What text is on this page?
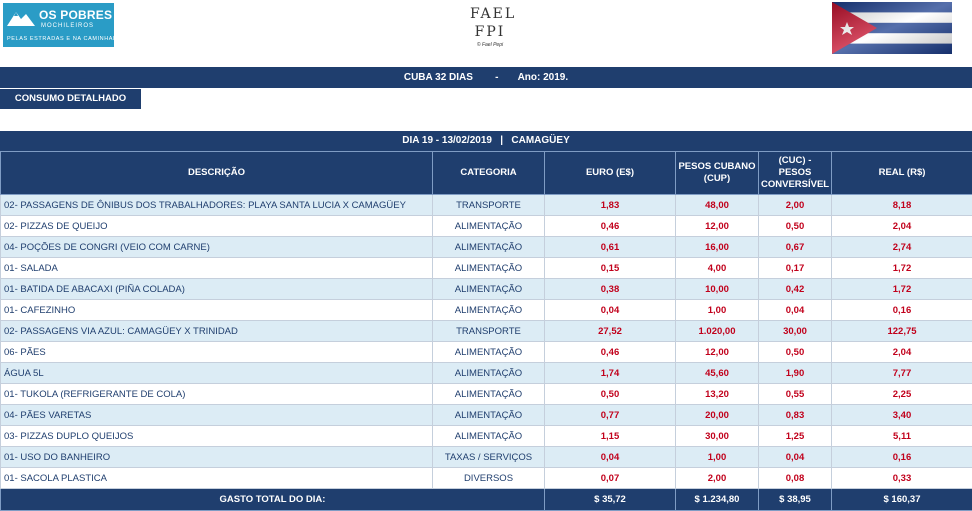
OS POBRES
MOCHILEIROS
PELAS ESTRADAS E NA CAMINHADA
FAEL
FPI
© Fael Pepi
CUBA 32 DIAS        -       Ano: 2019.
CONSUMO DETALHADO
DIA 19 - 13/02/2019   |   CAMAGÜEY
DESCRIÇÃO	CATEGORIA	EURO (E$)	PESOS CUBANO (CUP)	(CUC) - PESOS CONVERSÍVEL	REAL (R$)
02- PASSAGENS DE ÔNIBUS DOS TRABALHADORES: PLAYA SANTA LUCIA X CAMAGÜEY	TRANSPORTE	1,83	48,00	2,00	8,18
02- PIZZAS DE QUEIJO	ALIMENTAÇÃO	0,46	12,00	0,50	2,04
04- POÇÕES DE CONGRI (VEIO COM CARNE)	ALIMENTAÇÃO	0,61	16,00	0,67	2,74
01- SALADA	ALIMENTAÇÃO	0,15	4,00	0,17	1,72
01- BATIDA DE ABACAXI (PIÑA COLADA)	ALIMENTAÇÃO	0,38	10,00	0,42	1,72
01- CAFEZINHO	ALIMENTAÇÃO	0,04	1,00	0,04	0,16
02- PASSAGENS VIA AZUL: CAMAGÜEY X TRINIDAD	TRANSPORTE	27,52	1.020,00	30,00	122,75
06- PÃES	ALIMENTAÇÃO	0,46	12,00	0,50	2,04
ÁGUA 5L	ALIMENTAÇÃO	1,74	45,60	1,90	7,77
01- TUKOLA (REFRIGERANTE DE COLA)	ALIMENTAÇÃO	0,50	13,20	0,55	2,25
04- PÃES VARETAS	ALIMENTAÇÃO	0,77	20,00	0,83	3,40
03- PIZZAS DUPLO QUEIJOS	ALIMENTAÇÃO	1,15	30,00	1,25	5,11
01- USO DO BANHEIRO	TAXAS / SERVIÇOS	0,04	1,00	0,04	0,16
01- SACOLA PLASTICA	DIVERSOS	0,07	2,00	0,08	0,33
GASTO TOTAL DO DIA:		$ 35,72	$ 1.234,80	$ 38,95	$ 160,37
